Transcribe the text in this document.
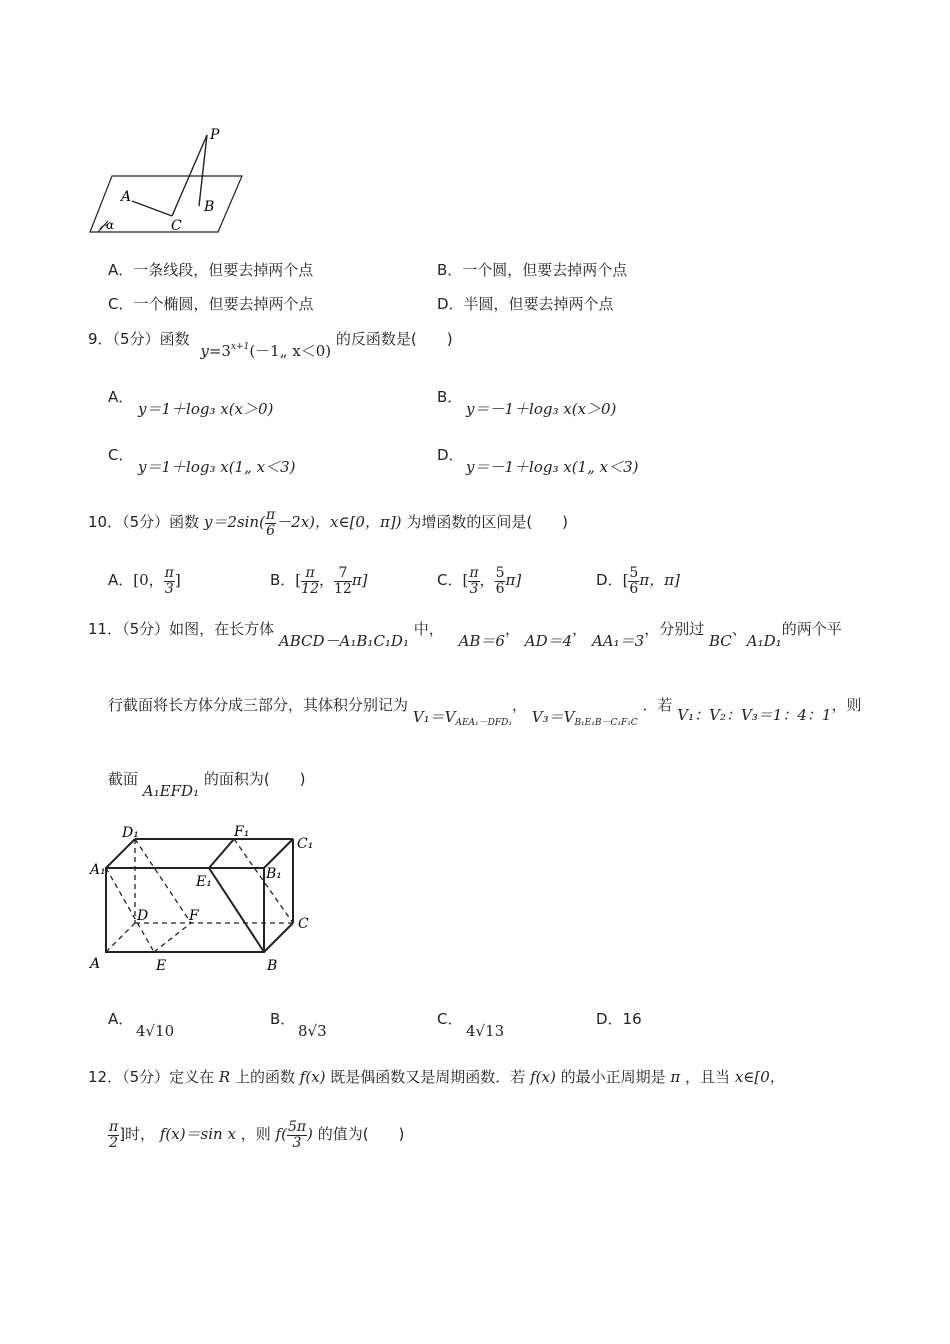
P
A
B
C
α
A．一条线段，但要去掉两个点	B．一个圆，但要去掉两个点
C．一个椭圆，但要去掉两个点	D．半圆，但要去掉两个点
9．（5分）函数 $y=3^{x+1}(-1„$ x＜0) 的反函数是(　　)
A．
y＝1＋log₃ x(x＞0)
B．
y＝－1＋log₃ x(x＞0)
C．
y＝1＋log₃ x(1„ x＜3)
D．
y＝－1＋log₃ x(1„ x＜3)
10．（5分）函数 $y=2\sin( \frac{\pi}{6} -2x)$，x∈[0，π]) 为增函数的区间是(　　)
A．[0， $\frac{\pi}{3}$ ]	B．[ $\frac{\pi}{12}$ ， $\frac{7}{12} \pi$]	C．[ $\frac{\pi}{3}$ ， $\frac{5}{6} \pi$]	D．[ $\frac{5}{6}$ π，π]
11．（5分）如图，在长方体 ABCD－A₁B₁C₁D₁ 中， AB＝6， AD＝4， AA₁＝3，分别过 BC、A₁D₁的两个平
行截面将长方体分成三部分，其体积分别记为 $V_1=V_{AEA_1-DFD_1}$， $V_3=V_{B_1E_1B-C_1F_1C}$ ．若 V₁：V₂：V₃＝1：4：1，则
截面 A₁EFD₁ 的面积为(　　)
D₁	F₁
C₁
A₁
E₁	B₁
D	F	C
A	E	B
A．
4√10
B．
8√3
C．
4√13
D．16
12．（5分）定义在 R 上的函数 f(x) 既是偶函数又是周期函数．若 f(x) 的最小正周期是 π ，且当 x∈[0，
$\frac{\pi}{2}$ ]时， f(x)＝sin x ，则 $f( \frac{5\pi}{3}$ ) 的值为(　　)
